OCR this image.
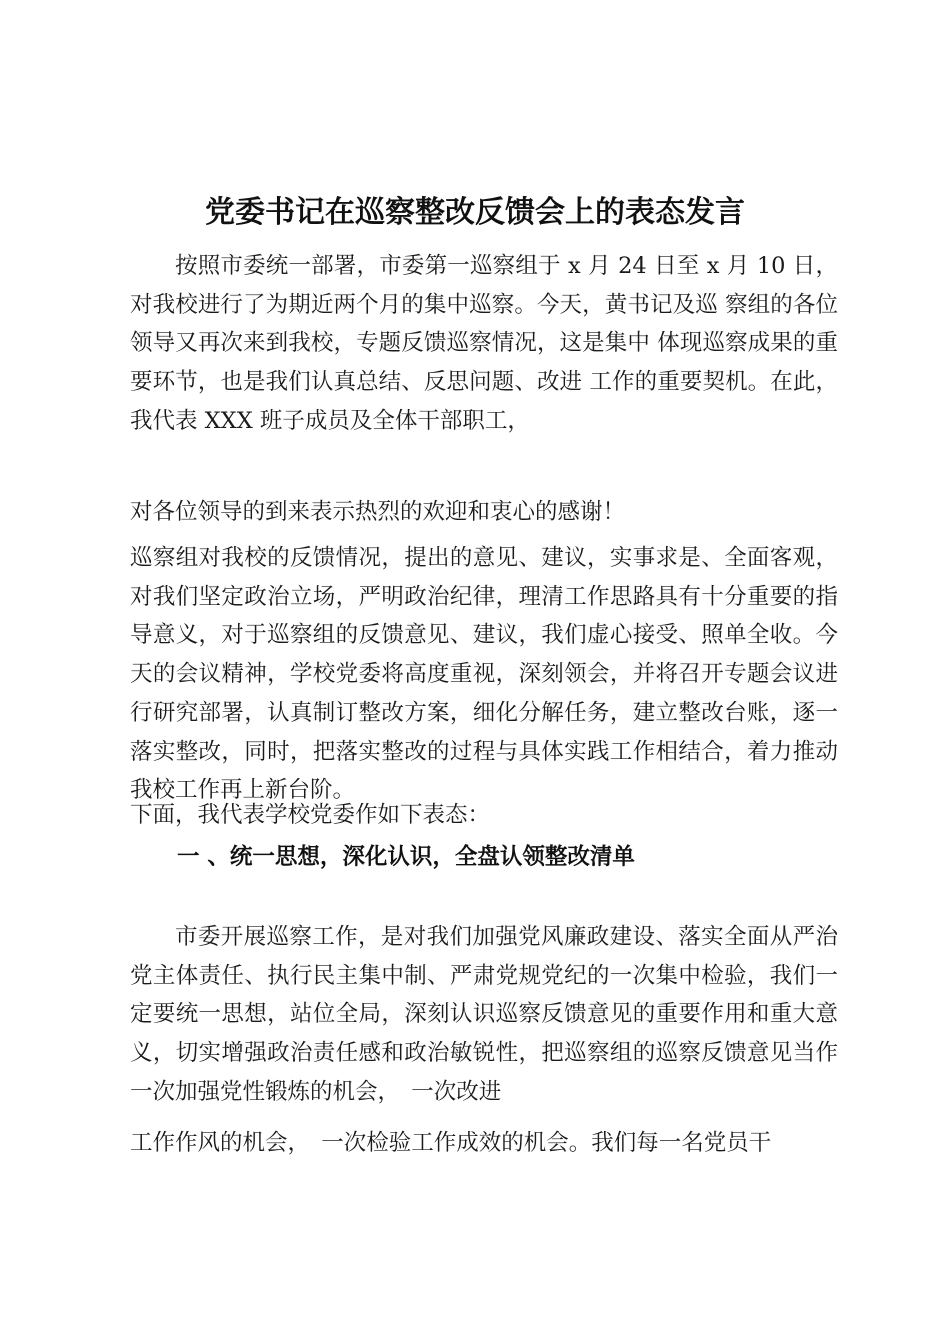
党委书记在巡察整改反馈会上的表态发言

按照市委统一部署，市委第一巡察组于 x 月 24 日至 x 月 10 日，对我校进行了为期近两个月的集中巡察。今天，黄书记及巡 察组的各位领导又再次来到我校，专题反馈巡察情况，这是集中 体现巡察成果的重要环节，也是我们认真总结、反思问题、改进 工作的重要契机。在此，我代表 XXX 班子成员及全体干部职工，

对各位领导的到来表示热烈的欢迎和衷心的感谢！

巡察组对我校的反馈情况，提出的意见、建议，实事求是、全面客观，对我们坚定政治立场，严明政治纪律，理清工作思路具有十分重要的指导意义，对于巡察组的反馈意见、建议，我们虚心接受、照单全收。今天的会议精神，学校党委将高度重视，深刻领会，并将召开专题会议进行研究部署，认真制订整改方案，细化分解任务，建立整改台账，逐一落实整改，同时，把落实整改的过程与具体实践工作相结合，着力推动我校工作再上新台阶。

下面，我代表学校党委作如下表态：

一 、统一思想，深化认识，全盘认领整改清单

市委开展巡察工作，是对我们加强党风廉政建设、落实全面从严治党主体责任、执行民主集中制、严肃党规党纪的一次集中检验，我们一定要统一思想，站位全局，深刻认识巡察反馈意见的重要作用和重大意义，切实增强政治责任感和政治敏锐性，把巡察组的巡察反馈意见当作一次加强党性锻炼的机会，　一次改进

工作作风的机会，　一次检验工作成效的机会。我们每一名党员干
